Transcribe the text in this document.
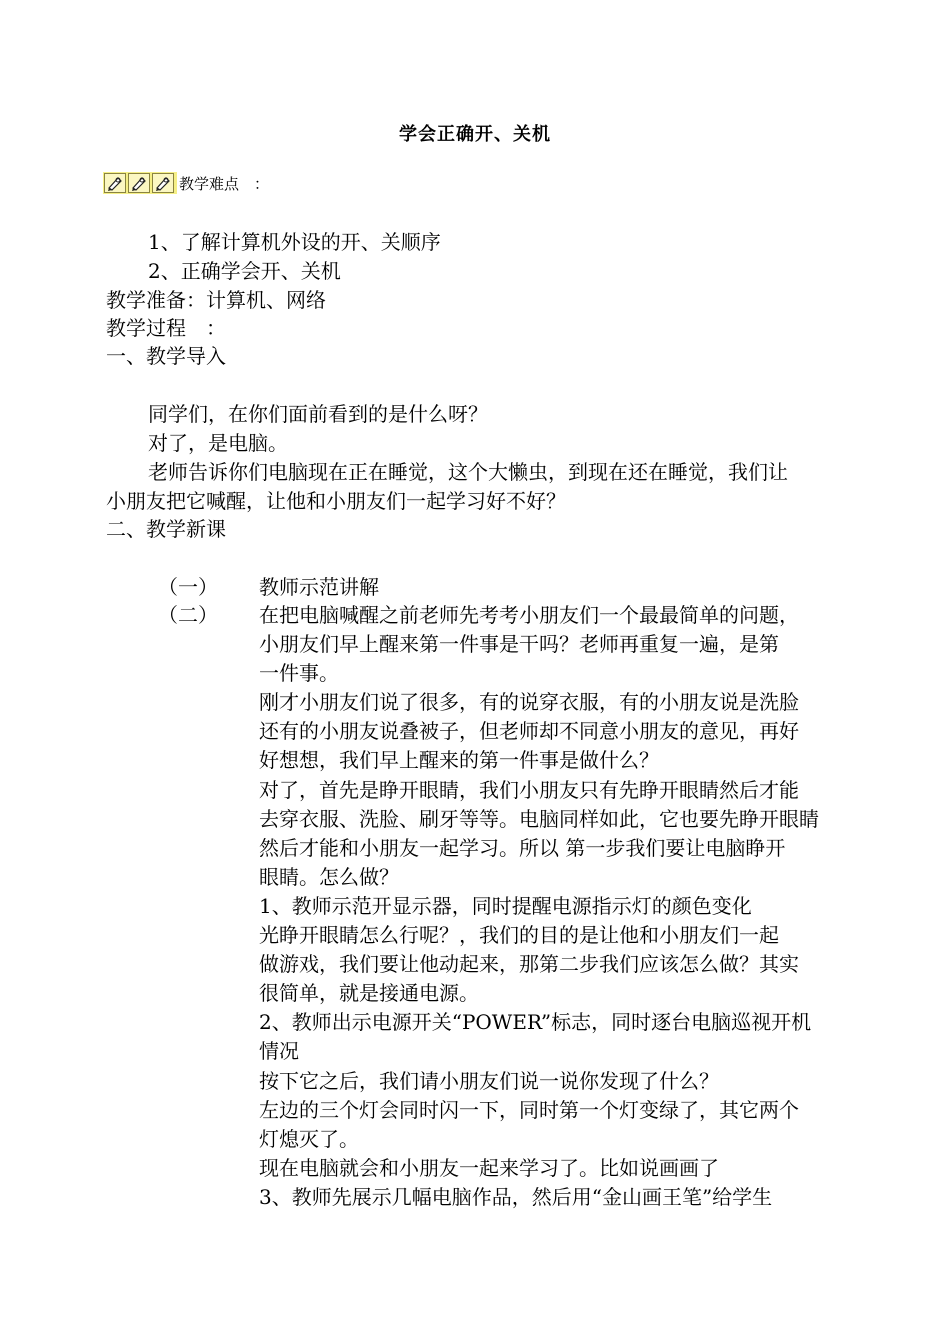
学会正确开、关机
教学难点　：
1、了解计算机外设的开、关顺序
2、正确学会开、关机
教学准备：计算机、网络
教学过程　：
一、教学导入
同学们，在你们面前看到的是什么呀？
对了，是电脑。
老师告诉你们电脑现在正在睡觉，这个大懒虫，到现在还在睡觉，我们让
小朋友把它喊醒，让他和小朋友们一起学习好不好？
二、教学新课
（一） 教师示范讲解
（二） 在把电脑喊醒之前老师先考考小朋友们一个最最简单的问题，

小朋友们早上醒来第一件事是干吗？老师再重复一遍，是第

一件事。

刚才小朋友们说了很多，有的说穿衣服，有的小朋友说是洗脸

还有的小朋友说叠被子，但老师却不同意小朋友的意见，再好

好想想，我们早上醒来的第一件事是做什么？

对了，首先是睁开眼睛，我们小朋友只有先睁开眼睛然后才能

去穿衣服、洗脸、刷牙等等。电脑同样如此，它也要先睁开眼睛

然后才能和小朋友一起学习。所以 第一步我们要让电脑睁开

眼睛。怎么做？

1、教师示范开显示器，同时提醒电源指示灯的颜色变化

光睁开眼睛怎么行呢？，我们的目的是让他和小朋友们一起

做游戏，我们要让他动起来，那第二步我们应该怎么做？其实

很简单，就是接通电源。

2、教师出示电源开关“POWER”标志，同时逐台电脑巡视开机

情况

按下它之后，我们请小朋友们说一说你发现了什么？

左边的三个灯会同时闪一下，同时第一个灯变绿了，其它两个

灯熄灭了。

现在电脑就会和小朋友一起来学习了。比如说画画了

3、教师先展示几幅电脑作品，然后用“金山画王笔”给学生
